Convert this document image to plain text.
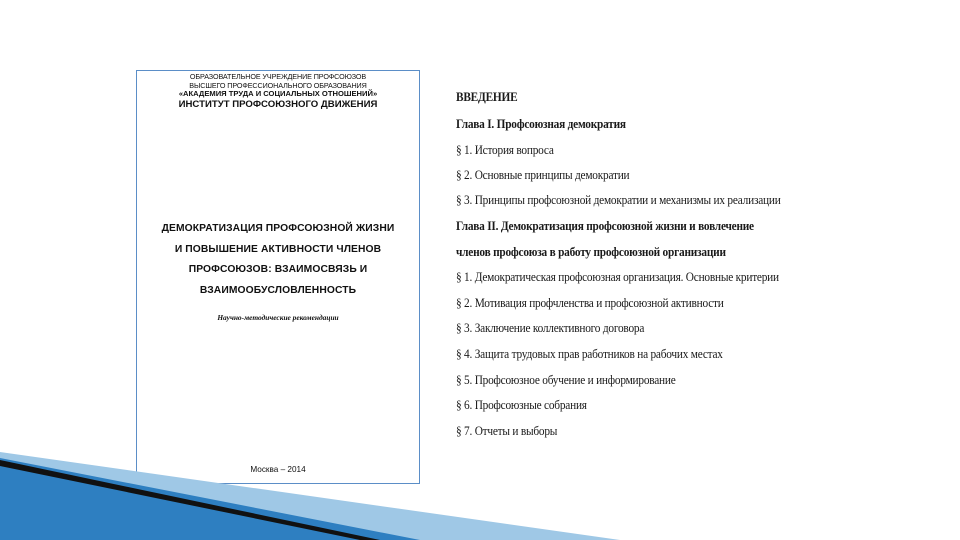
ОБРАЗОВАТЕЛЬНОЕ УЧРЕЖДЕНИЕ ПРОФСОЮЗОВ
ВЫСШЕГО ПРОФЕССИОНАЛЬНОГО ОБРАЗОВАНИЯ
«АКАДЕМИЯ ТРУДА И СОЦИАЛЬНЫХ ОТНОШЕНИЙ»
ИНСТИТУТ ПРОФСОЮЗНОГО ДВИЖЕНИЯ
ДЕМОКРАТИЗАЦИЯ ПРОФСОЮЗНОЙ ЖИЗНИ
И ПОВЫШЕНИЕ АКТИВНОСТИ ЧЛЕНОВ
ПРОФСОЮЗОВ: ВЗАИМОСВЯЗЬ И
ВЗАИМООБУСЛОВЛЕННОСТЬ
Научно-методические рекомендации
Москва – 2014
ВВЕДЕНИЕ
Глава I. Профсоюзная демократия
§ 1. История вопроса
§ 2. Основные принципы демократии
§ 3. Принципы профсоюзной демократии и механизмы их реализации
Глава II. Демократизация профсоюзной жизни и вовлечение
членов профсоюза в работу профсоюзной организации
§ 1. Демократическая профсоюзная организация. Основные критерии
§ 2. Мотивация профчленства и профсоюзной активности
§ 3. Заключение коллективного договора
§ 4. Защита трудовых прав работников на рабочих местах
§ 5. Профсоюзное обучение и информирование
§ 6. Профсоюзные собрания
§ 7. Отчеты и выборы
